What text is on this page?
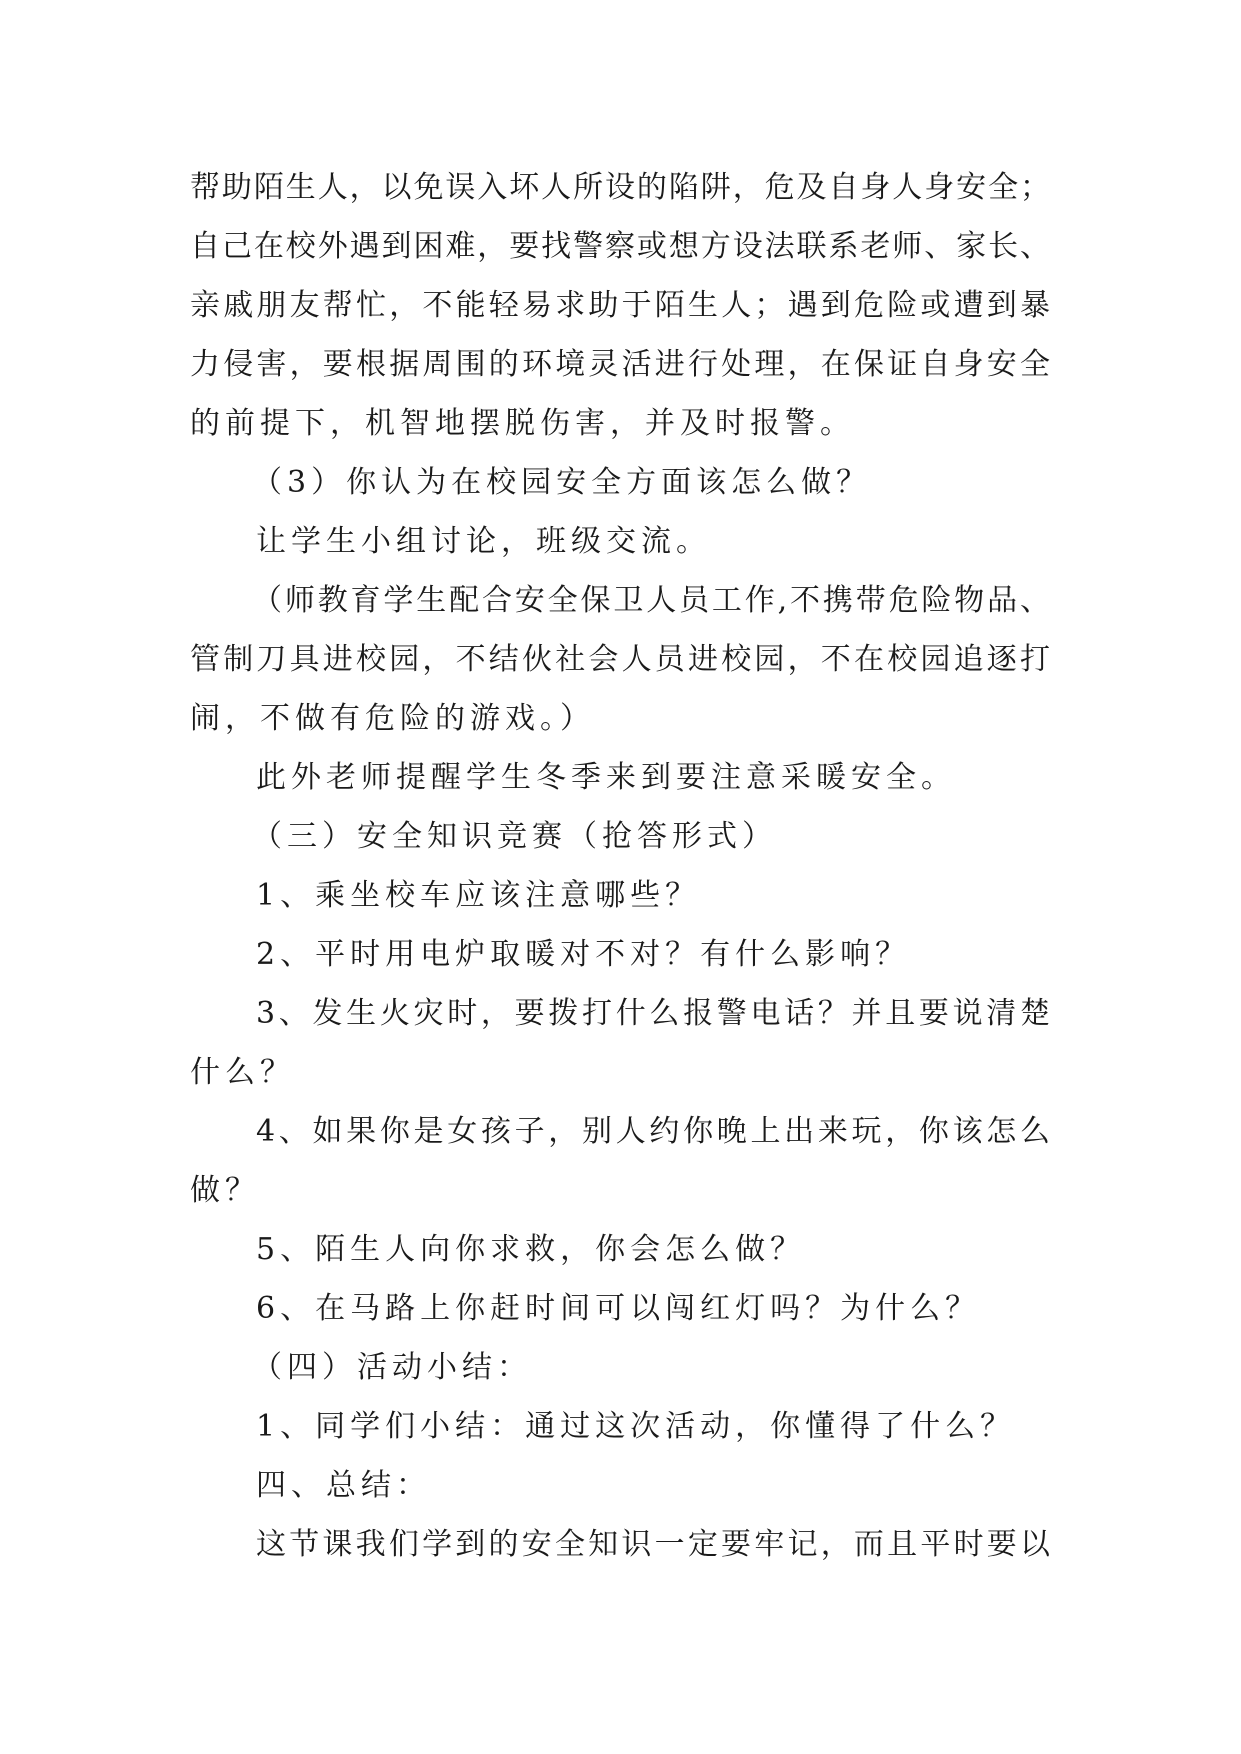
帮助陌生人，以免误入坏人所设的陷阱，危及自身人身安全；
自己在校外遇到困难，要找警察或想方设法联系老师、家长、
亲戚朋友帮忙，不能轻易求助于陌生人；遇到危险或遭到暴
力侵害，要根据周围的环境灵活进行处理，在保证自身安全
的前提下，机智地摆脱伤害，并及时报警。
（3）你认为在校园安全方面该怎么做？
让学生小组讨论，班级交流。
（师教育学生配合安全保卫人员工作,不携带危险物品、
管制刀具进校园，不结伙社会人员进校园，不在校园追逐打
闹，不做有危险的游戏。）
此外老师提醒学生冬季来到要注意采暖安全。
（三）安全知识竞赛（抢答形式）
1、乘坐校车应该注意哪些？
2、平时用电炉取暖对不对？有什么影响？
3、发生火灾时，要拨打什么报警电话？并且要说清楚
什么？
4、如果你是女孩子，别人约你晚上出来玩，你该怎么
做？
5、陌生人向你求救，你会怎么做？
6、在马路上你赶时间可以闯红灯吗？为什么？
（四）活动小结：
1、同学们小结：通过这次活动，你懂得了什么？
四、总结：
这节课我们学到的安全知识一定要牢记，而且平时要以
